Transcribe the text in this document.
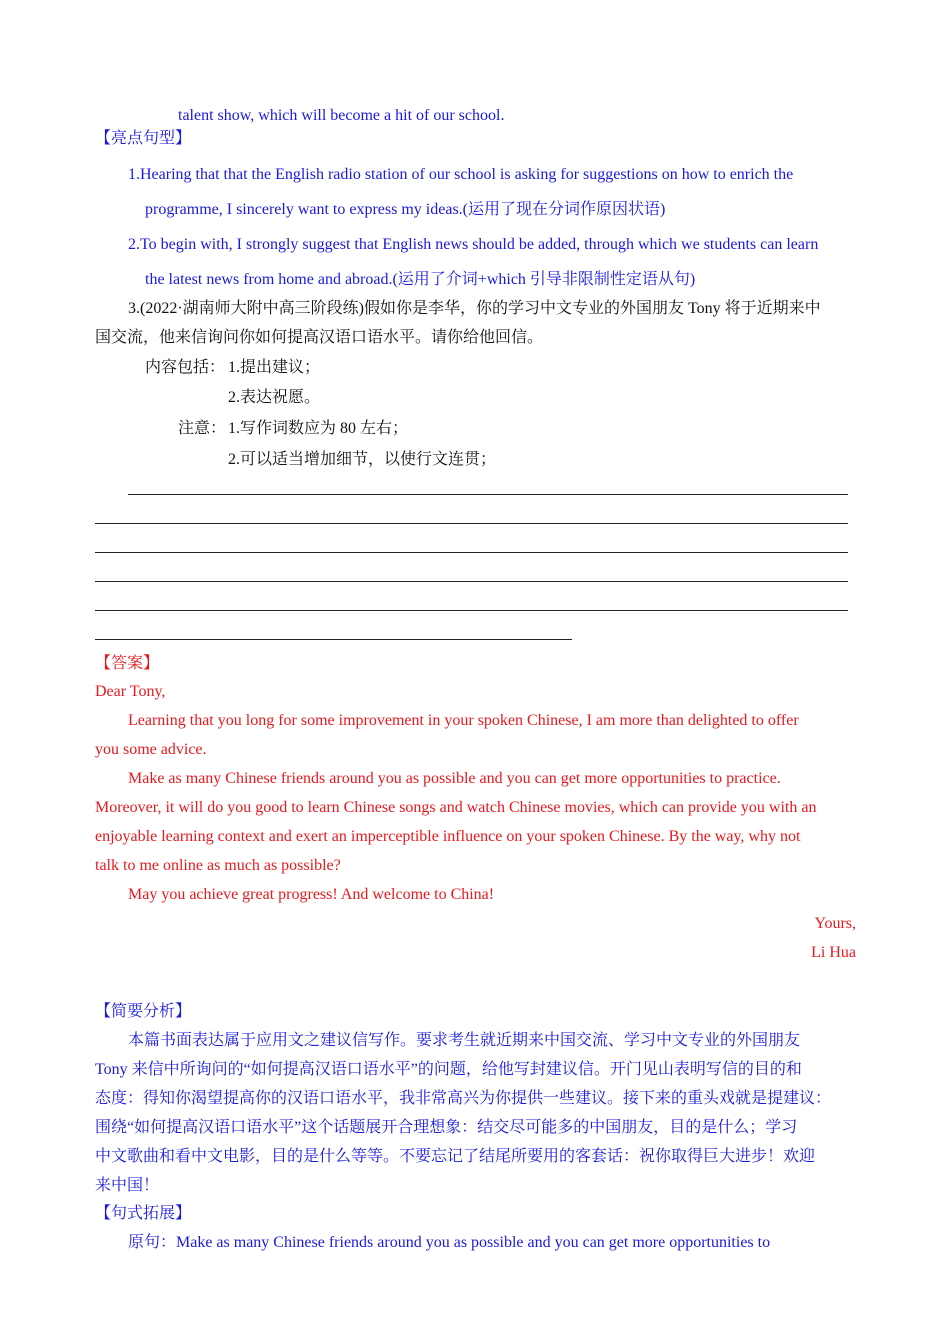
talent show, which will become a hit of our school.
【亮点句型】
1.Hearing that that the English radio station of our school is asking for suggestions on how to enrich the
programme, I sincerely want to express my ideas.(运用了现在分词作原因状语)
2.To begin with, I strongly suggest that English news should be added, through which we students can learn
the latest news from home and abroad.(运用了介词+which 引导非限制性定语从句)
3.(2022·湖南师大附中高三阶段练)假如你是李华，你的学习中文专业的外国朋友 Tony 将于近期来中
国交流，他来信询问你如何提高汉语口语水平。请你给他回信。
内容包括： 1.提出建议；
2.表达祝愿。
注意： 1.写作词数应为 80 左右；
2.可以适当增加细节，以使行文连贯；
【答案】
Dear Tony,
Learning that you long for some improvement in your spoken Chinese, I am more than delighted to offer
you some advice.
Make as many Chinese friends around you as possible and you can get more opportunities to practice.
Moreover, it will do you good to learn Chinese songs and watch Chinese movies, which can provide you with an
enjoyable learning context and exert an imperceptible influence on your spoken Chinese. By the way, why not
talk to me online as much as possible?
May you achieve great progress! And welcome to China!
Yours,
Li Hua
【简要分析】
本篇书面表达属于应用文之建议信写作。要求考生就近期来中国交流、学习中文专业的外国朋友
Tony 来信中所询问的“如何提高汉语口语水平”的问题，给他写封建议信。开门见山表明写信的目的和
态度：得知你渴望提高你的汉语口语水平，我非常高兴为你提供一些建议。接下来的重头戏就是提建议：
围绕“如何提高汉语口语水平”这个话题展开合理想象：结交尽可能多的中国朋友，目的是什么；学习
中文歌曲和看中文电影，目的是什么等等。不要忘记了结尾所要用的客套话：祝你取得巨大进步！欢迎
来中国！
【句式拓展】
原句：Make as many Chinese friends around you as possible and you can get more opportunities to
